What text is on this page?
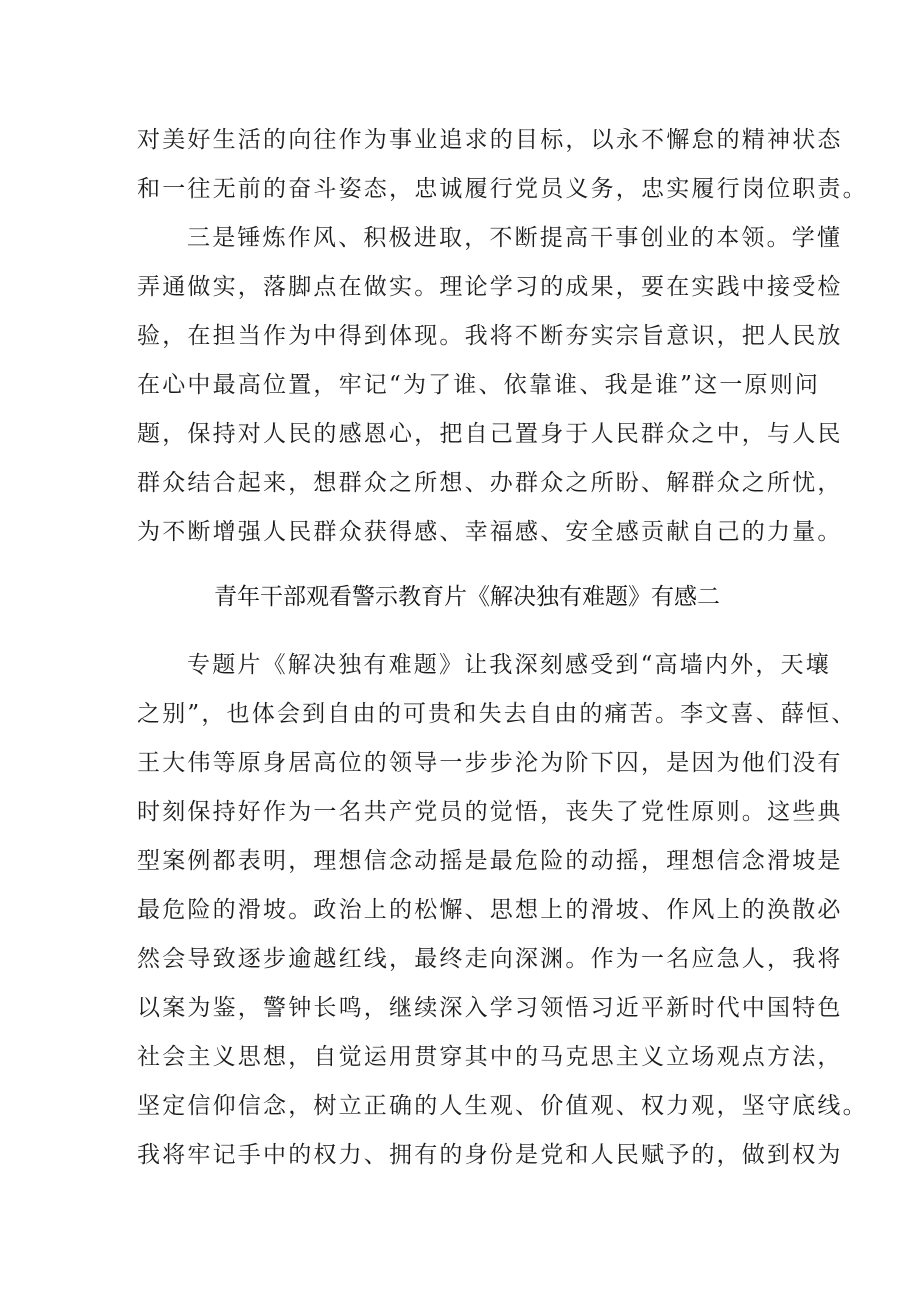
对美好生活的向往作为事业追求的目标，以永不懈怠的精神状态
和一往无前的奋斗姿态，忠诚履行党员义务，忠实履行岗位职责。
三是锤炼作风、积极进取，不断提高干事创业的本领。学懂
弄通做实，落脚点在做实。理论学习的成果，要在实践中接受检
验，在担当作为中得到体现。我将不断夯实宗旨意识，把人民放
在心中最高位置，牢记“为了谁、依靠谁、我是谁”这一原则问
题，保持对人民的感恩心，把自己置身于人民群众之中，与人民
群众结合起来，想群众之所想、办群众之所盼、解群众之所忧，
为不断增强人民群众获得感、幸福感、安全感贡献自己的力量。
青年干部观看警示教育片《解决独有难题》有感二
专题片《解决独有难题》让我深刻感受到“高墙内外，天壤
之别”，也体会到自由的可贵和失去自由的痛苦。李文喜、薛恒、
王大伟等原身居高位的领导一步步沦为阶下囚，是因为他们没有
时刻保持好作为一名共产党员的觉悟，丧失了党性原则。这些典
型案例都表明，理想信念动摇是最危险的动摇，理想信念滑坡是
最危险的滑坡。政治上的松懈、思想上的滑坡、作风上的涣散必
然会导致逐步逾越红线，最终走向深渊。作为一名应急人，我将
以案为鉴，警钟长鸣，继续深入学习领悟习近平新时代中国特色
社会主义思想，自觉运用贯穿其中的马克思主义立场观点方法，
坚定信仰信念，树立正确的人生观、价值观、权力观，坚守底线。
我将牢记手中的权力、拥有的身份是党和人民赋予的，做到权为
